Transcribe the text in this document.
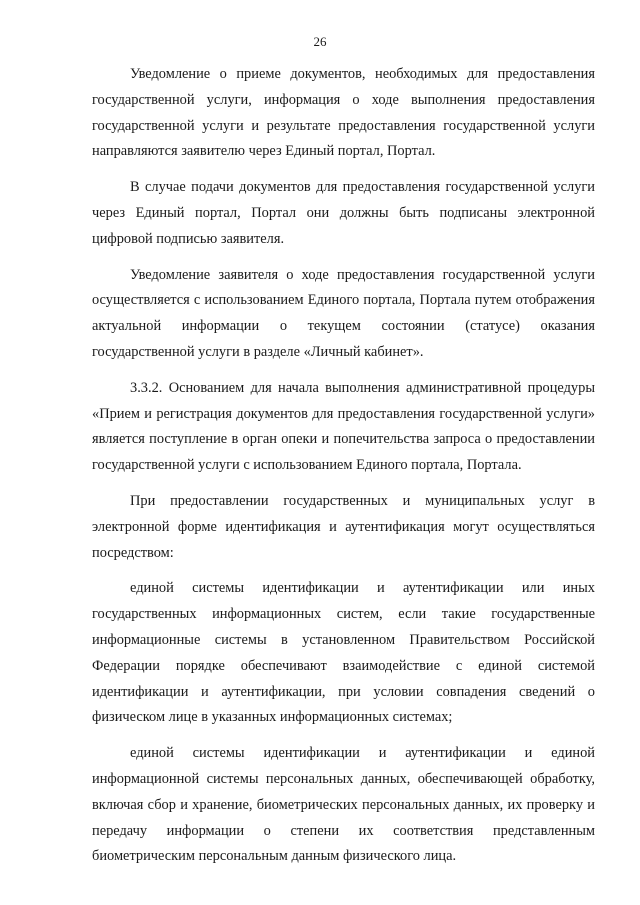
26

Уведомление о приеме документов, необходимых для предоставления государственной услуги, информация о ходе выполнения предоставления государственной услуги и результате предоставления государственной услуги направляются заявителю через Единый портал, Портал.

В случае подачи документов для предоставления государственной услуги через Единый портал, Портал они должны быть подписаны электронной цифровой подписью заявителя.

Уведомление заявителя о ходе предоставления государственной услуги осуществляется с использованием Единого портала, Портала путем отображения актуальной информации о текущем состоянии (статусе) оказания государственной услуги в разделе «Личный кабинет».

3.3.2. Основанием для начала выполнения административной процедуры «Прием и регистрация документов для предоставления государственной услуги» является поступление в орган опеки и попечительства запроса о предоставлении государственной услуги с использованием Единого портала, Портала.

При предоставлении государственных и муниципальных услуг в электронной форме идентификация и аутентификация могут осуществляться посредством:

единой системы идентификации и аутентификации или иных государственных информационных систем, если такие государственные информационные системы в установленном Правительством Российской Федерации порядке обеспечивают взаимодействие с единой системой идентификации и аутентификации, при условии совпадения сведений о физическом лице в указанных информационных системах;

единой системы идентификации и аутентификации и единой информационной системы персональных данных, обеспечивающей обработку, включая сбор и хранение, биометрических персональных данных, их проверку и передачу информации о степени их соответствия представленным биометрическим персональным данным физического лица.
